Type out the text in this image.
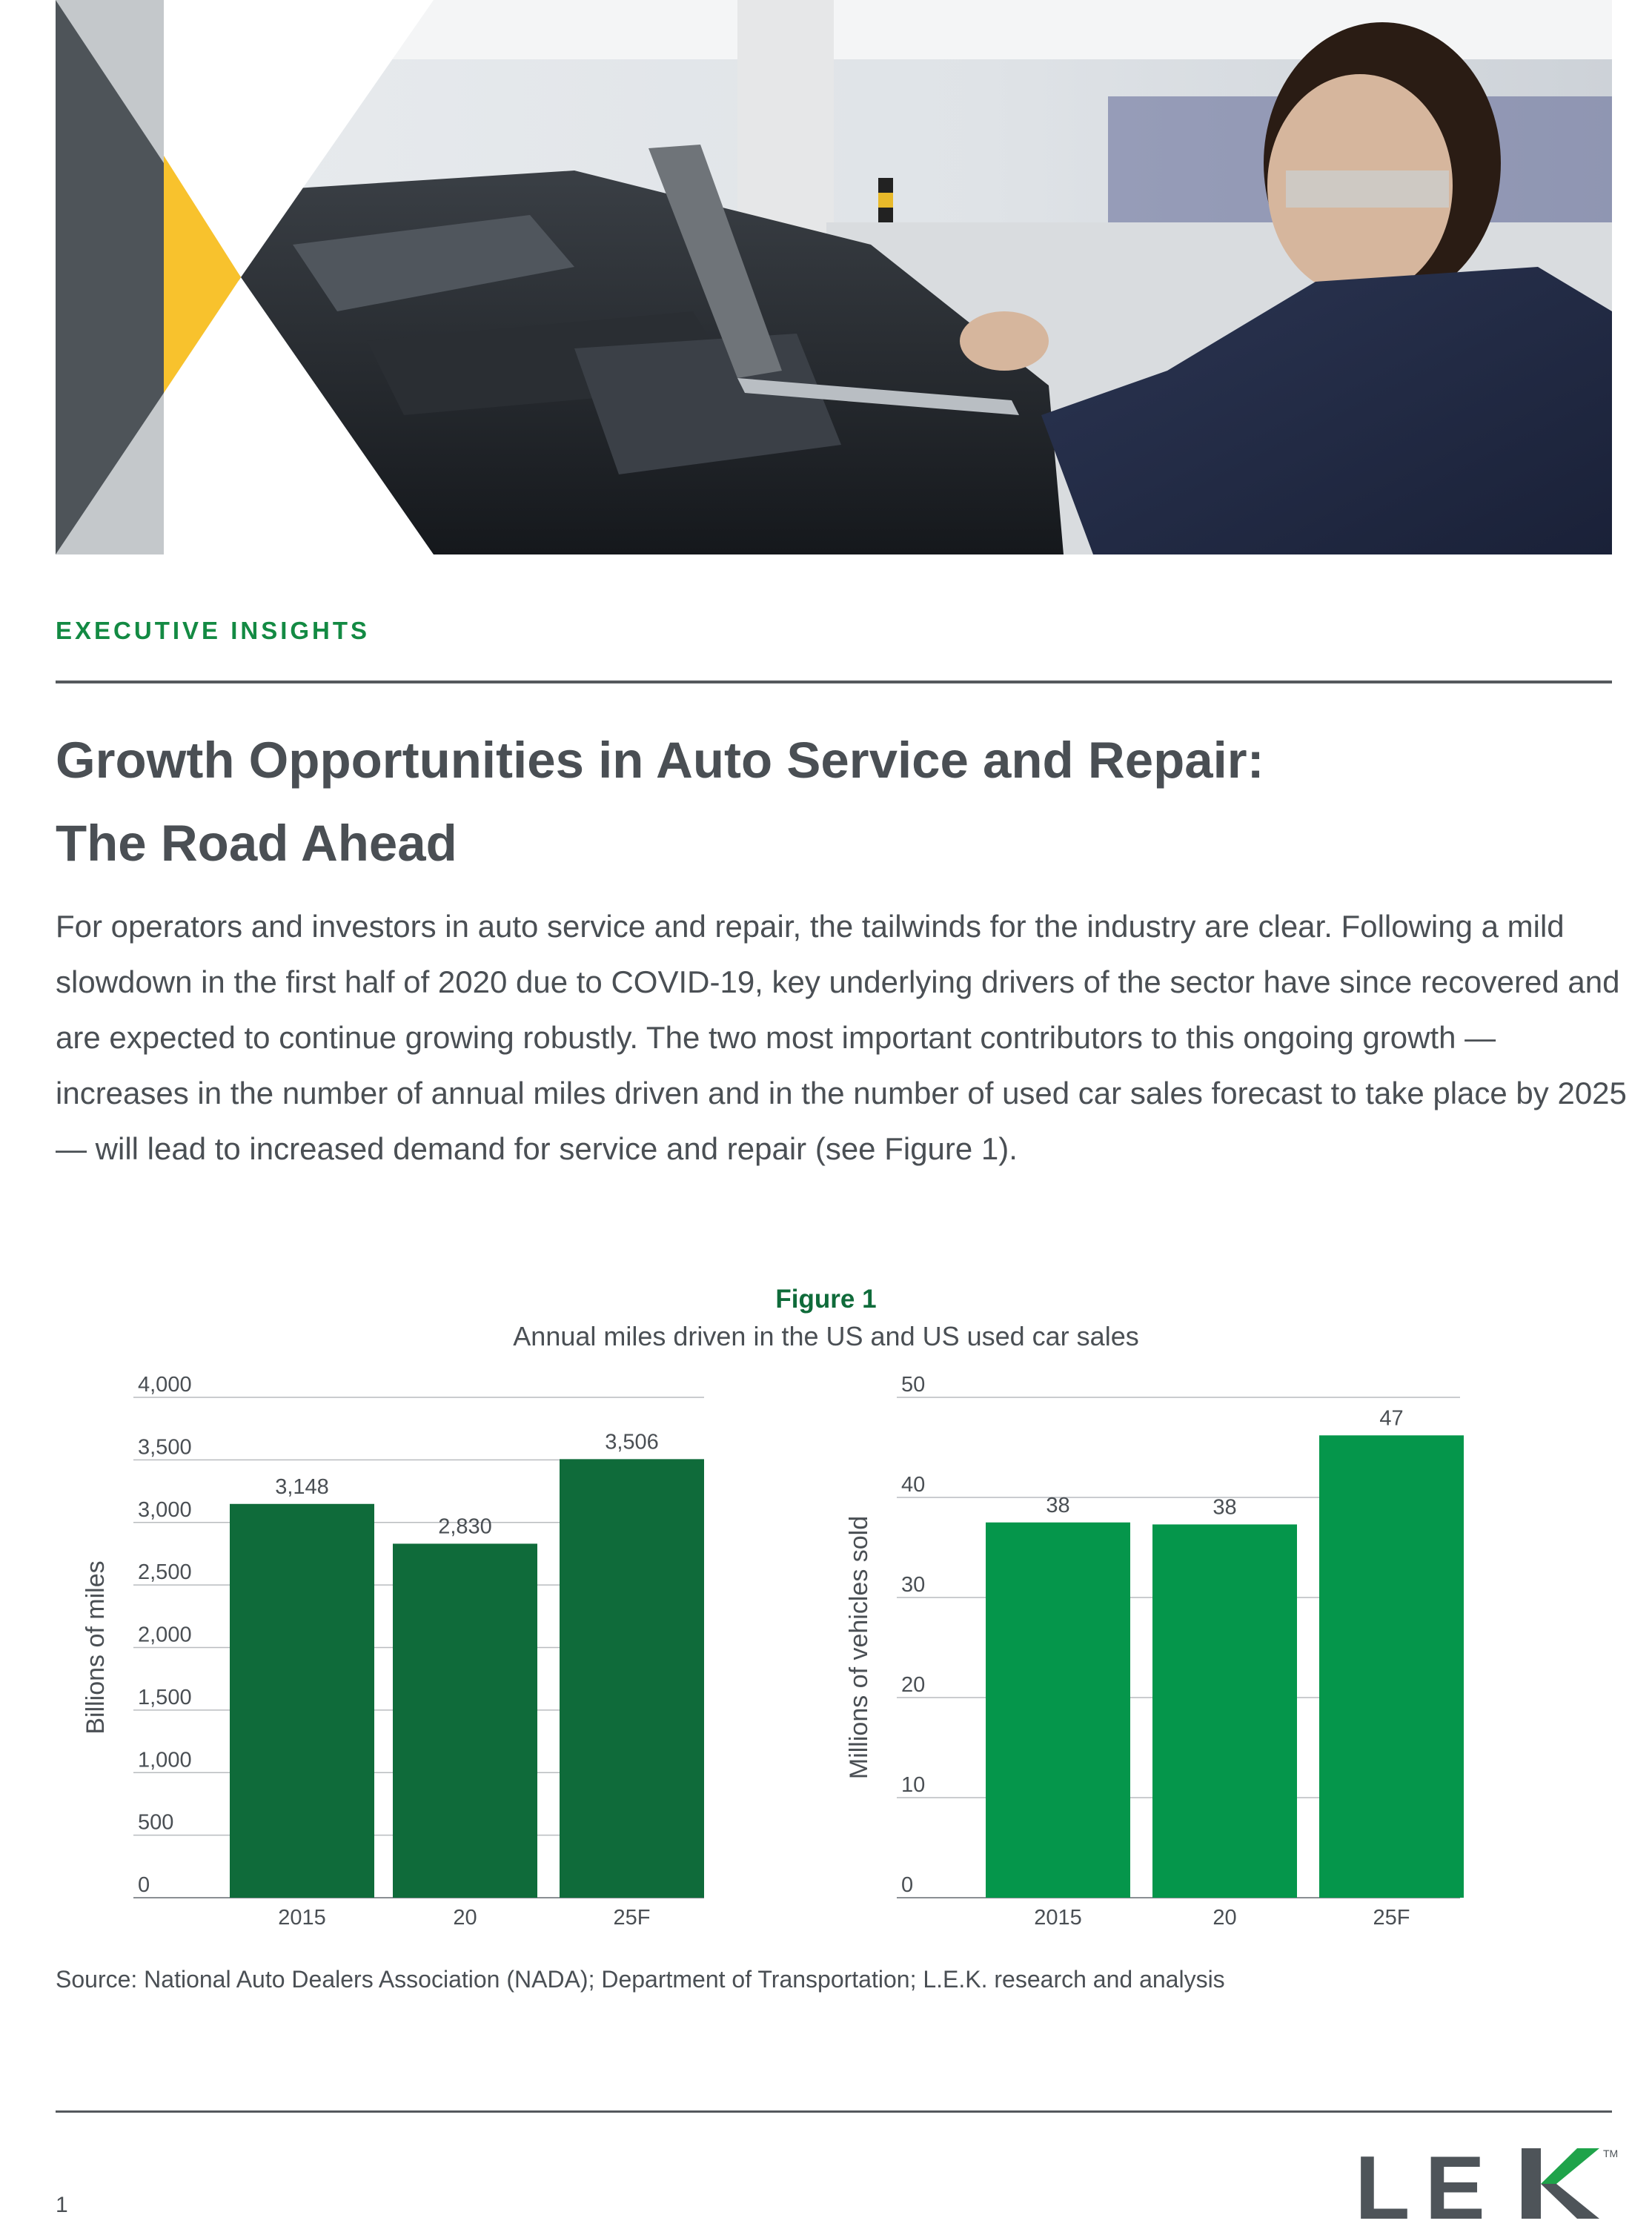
EXECUTIVE INSIGHTS
Growth Opportunities in Auto Service and Repair:
The Road Ahead

For operators and investors in auto service and repair, the tailwinds for the industry are clear. Following a mild slowdown in the first half of 2020 due to COVID-19, key underlying drivers of the sector have since recovered and are expected to continue growing robustly. The two most important contributors to this ongoing growth — increases in the number of annual miles driven and in the number of used car sales forecast to take place by 2025 — will lead to increased demand for service and repair (see Figure 1).

Figure 1
Annual miles driven in the US and US used car sales
Billions of miles
0
500
1,000
1,500
2,000
2,500
3,000
3,500
4,000
3,148
2015
2,830
20
3,506
25F
Millions of vehicles sold
0
10
20
30
40
50
38
2015
38
20
47
25F
Source: National Auto Dealers Association (NADA); Department of Transportation; L.E.K. research and analysis
1	LE	TM
